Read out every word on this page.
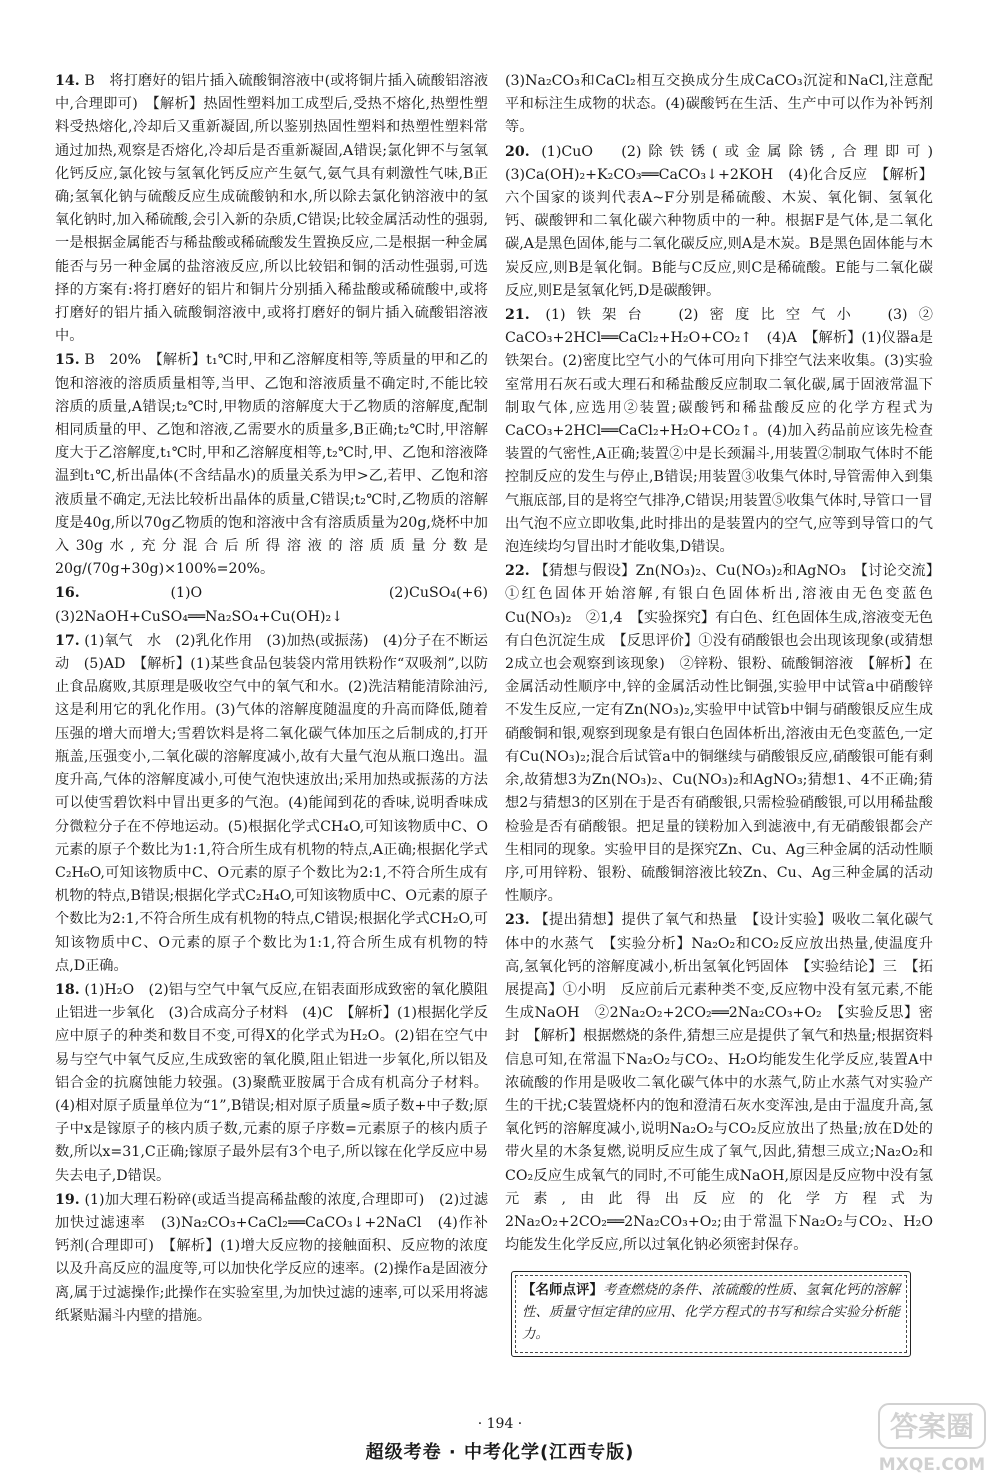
14. B　将打磨好的铝片插入硫酸铜溶液中(或将铜片插入硫酸铝溶液中,合理即可)　【解析】热固性塑料加工成型后,受热不熔化,热塑性塑料受热熔化,冷却后又重新凝固,所以鉴别热固性塑料和热塑性塑料常通过加热,观察是否熔化,冷却后是否重新凝固,A错误;氯化钾不与氢氧化钙反应,氯化铵与氢氧化钙反应产生氨气,氨气具有刺激性气味,B正确;氢氧化钠与硫酸反应生成硫酸钠和水,所以除去氯化钠溶液中的氢氧化钠时,加入稀硫酸,会引入新的杂质,C错误;比较金属活动性的强弱,一是根据金属能否与稀盐酸或稀硫酸发生置换反应,二是根据一种金属能否与另一种金属的盐溶液反应,所以比较铝和铜的活动性强弱,可选择的方案有:将打磨好的铝片和铜片分别插入稀盐酸或稀硫酸中,或将打磨好的铝片插入硫酸铜溶液中,或将打磨好的铜片插入硫酸铝溶液中。
15. B　20%　【解析】t₁℃时,甲和乙溶解度相等,等质量的甲和乙的饱和溶液的溶质质量相等,当甲、乙饱和溶液质量不确定时,不能比较溶质的质量,A错误;t₂℃时,甲物质的溶解度大于乙物质的溶解度,配制相同质量的甲、乙饱和溶液,乙需要水的质量多,B正确;t₂℃时,甲溶解度大于乙溶解度,t₁℃时,甲和乙溶解度相等,t₂℃时,甲、乙饱和溶液降温到t₁℃,析出晶体(不含结晶水)的质量关系为甲>乙,若甲、乙饱和溶液质量不确定,无法比较析出晶体的质量,C错误;t₂℃时,乙物质的溶解度是40g,所以70g乙物质的饱和溶液中含有溶质质量为20g,烧杯中加入30g水,充分混合后所得溶液的溶质质量分数是20g/(70g+30g)×100%=20%。
16.	(1)O　(2)CuSO₄(+6)　(3)2NaOH+CuSO₄══Na₂SO₄+Cu(OH)₂↓
17. (1)氧气　水　(2)乳化作用　(3)加热(或振荡)　(4)分子在不断运动　(5)AD　【解析】(1)某些食品包装袋内常用铁粉作“双吸剂”,以防止食品腐败,其原理是吸收空气中的氧气和水。(2)洗洁精能清除油污,这是利用它的乳化作用。(3)气体的溶解度随温度的升高而降低,随着压强的增大而增大;雪碧饮料是将二氧化碳气体加压之后制成的,打开瓶盖,压强变小,二氧化碳的溶解度减小,故有大量气泡从瓶口逸出。温度升高,气体的溶解度减小,可使气泡快速放出;采用加热或振荡的方法可以使雪碧饮料中冒出更多的气泡。(4)能闻到花的香味,说明香味成分微粒分子在不停地运动。(5)根据化学式CH₄O,可知该物质中C、O元素的原子个数比为1:1,符合所生成有机物的特点,A正确;根据化学式C₂H₆O,可知该物质中C、O元素的原子个数比为2:1,不符合所生成有机物的特点,B错误;根据化学式C₂H₄O,可知该物质中C、O元素的原子个数比为2:1,不符合所生成有机物的特点,C错误;根据化学式CH₂O,可知该物质中C、O元素的原子个数比为1:1,符合所生成有机物的特点,D正确。
18. (1)H₂O　(2)铝与空气中氧气反应,在铝表面形成致密的氧化膜阻止铝进一步氧化　(3)合成高分子材料　(4)C　【解析】(1)根据化学反应中原子的种类和数目不变,可得X的化学式为H₂O。(2)铝在空气中易与空气中氧气反应,生成致密的氧化膜,阻止铝进一步氧化,所以铝及铝合金的抗腐蚀能力较强。(3)聚酰亚胺属于合成有机高分子材料。(4)相对原子质量单位为“1”,B错误;相对原子质量≈质子数+中子数;原子中x是镓原子的核内质子数,元素的原子序数=元素原子的核内质子数,所以x=31,C正确;镓原子最外层有3个电子,所以镓在化学反应中易失去电子,D错误。
19. (1)加大理石粉碎(或适当提高稀盐酸的浓度,合理即可)　(2)过滤　加快过滤速率　(3)Na₂CO₃+CaCl₂══CaCO₃↓+2NaCl　(4)作补钙剂(合理即可)　【解析】(1)增大反应物的接触面积、反应物的浓度以及升高反应的温度等,可以加快化学反应的速率。(2)操作a是固液分离,属于过滤操作;此操作在实验室里,为加快过滤的速率,可以采用将滤纸紧贴漏斗内壁的措施。
(3)Na₂CO₃和CaCl₂相互交换成分生成CaCO₃沉淀和NaCl,注意配平和标注生成物的状态。(4)碳酸钙在生活、生产中可以作为补钙剂等。
20. (1)CuO　(2)除铁锈(或金属除锈,合理即可)　(3)Ca(OH)₂+K₂CO₃══CaCO₃↓+2KOH　(4)化合反应　【解析】六个国家的谈判代表A~F分别是稀硫酸、木炭、氧化铜、氢氧化钙、碳酸钾和二氧化碳六种物质中的一种。根据F是气体,是二氧化碳,A是黑色固体,能与二氧化碳反应,则A是木炭。B是黑色固体能与木炭反应,则B是氧化铜。B能与C反应,则C是稀硫酸。E能与二氧化碳反应,则E是氢氧化钙,D是碳酸钾。
21. (1)铁架台　(2)密度比空气小　(3)②　CaCO₃+2HCl══CaCl₂+H₂O+CO₂↑　(4)A　【解析】(1)仪器a是铁架台。(2)密度比空气小的气体可用向下排空气法来收集。(3)实验室常用石灰石或大理石和稀盐酸反应制取二氧化碳,属于固液常温下制取气体,应选用②装置;碳酸钙和稀盐酸反应的化学方程式为CaCO₃+2HCl══CaCl₂+H₂O+CO₂↑。(4)加入药品前应该先检查装置的气密性,A正确;装置②中是长颈漏斗,用装置②制取气体时不能控制反应的发生与停止,B错误;用装置③收集气体时,导管需伸入到集气瓶底部,目的是将空气排净,C错误;用装置⑤收集气体时,导管口一冒出气泡不应立即收集,此时排出的是装置内的空气,应等到导管口的气泡连续均匀冒出时才能收集,D错误。
22. 【猜想与假设】Zn(NO₃)₂、Cu(NO₃)₂和AgNO₃　【讨论交流】①红色固体开始溶解,有银白色固体析出,溶液由无色变蓝色　Cu(NO₃)₂　②1,4　【实验探究】有白色、红色固体生成,溶液变无色　有白色沉淀生成　【反思评价】①没有硝酸银也会出现该现象(或猜想2成立也会观察到该现象)　②锌粉、银粉、硫酸铜溶液　【解析】在金属活动性顺序中,锌的金属活动性比铜强,实验甲中试管a中硝酸锌不发生反应,一定有Zn(NO₃)₂,实验甲中试管b中铜与硝酸银反应生成硝酸铜和银,观察到现象是有银白色固体析出,溶液由无色变蓝色,一定有Cu(NO₃)₂;混合后试管a中的铜继续与硝酸银反应,硝酸银可能有剩余,故猜想3为Zn(NO₃)₂、Cu(NO₃)₂和AgNO₃;猜想1、4不正确;猜想2与猜想3的区别在于是否有硝酸银,只需检验硝酸银,可以用稀盐酸检验是否有硝酸银。把足量的镁粉加入到滤液中,有无硝酸银都会产生相同的现象。实验甲目的是探究Zn、Cu、Ag三种金属的活动性顺序,可用锌粉、银粉、硫酸铜溶液比较Zn、Cu、Ag三种金属的活动性顺序。
23. 【提出猜想】提供了氧气和热量　【设计实验】吸收二氧化碳气体中的水蒸气　【实验分析】Na₂O₂和CO₂反应放出热量,使温度升高,氢氧化钙的溶解度减小,析出氢氧化钙固体　【实验结论】三　【拓展提高】①小明　反应前后元素种类不变,反应物中没有氢元素,不能生成NaOH　②2Na₂O₂+2CO₂══2Na₂CO₃+O₂　【实验反思】密封　【解析】根据燃烧的条件,猜想三应是提供了氧气和热量;根据资料信息可知,在常温下Na₂O₂与CO₂、H₂O均能发生化学反应,装置A中浓硫酸的作用是吸收二氧化碳气体中的水蒸气,防止水蒸气对实验产生的干扰;C装置烧杯内的饱和澄清石灰水变浑浊,是由于温度升高,氢氧化钙的溶解度减小,说明Na₂O₂与CO₂反应放出了热量;放在D处的带火星的木条复燃,说明反应生成了氧气,因此,猜想三成立;Na₂O₂和CO₂反应生成氧气的同时,不可能生成NaOH,原因是反应物中没有氢元素,由此得出反应的化学方程式为2Na₂O₂+2CO₂══2Na₂CO₃+O₂;由于常温下Na₂O₂与CO₂、H₂O均能发生化学反应,所以过氧化钠必须密封保存。

【名师点评】考查燃烧的条件、浓硫酸的性质、氢氧化钙的溶解性、质量守恒定律的应用、化学方程式的书写和综合实验分析能力。

· 194 ·
超级考卷 · 中考化学(江西专版)
答案圈
MXQE.COM
